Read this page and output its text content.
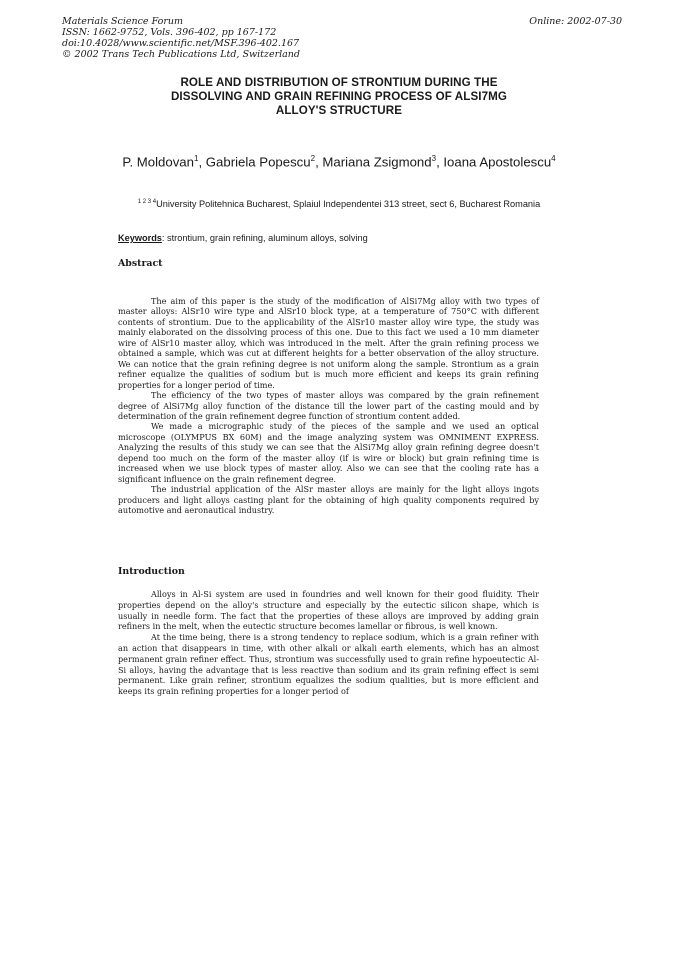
Materials Science Forum
ISSN: 1662-9752, Vols. 396-402, pp 167-172
doi:10.4028/www.scientific.net/MSF.396-402.167
© 2002 Trans Tech Publications Ltd, Switzerland
Online: 2002-07-30
ROLE AND DISTRIBUTION OF STRONTIUM DURING THE
DISSOLVING AND GRAIN REFINING PROCESS OF ALSI7MG
ALLOY'S STRUCTURE
P. Moldovan$^1$, Gabriela Popescu$^2$, Mariana Zsigmond$^3$, Ioana Apostolescu$^4$
$^{1 2 3 4}$University Politehnica Bucharest, Splaiul Independentei 313 street, sect 6, Bucharest Romania
Keywords: strontium, grain refining, aluminum alloys, solving
Abstract

The aim of this paper is the study of the modification of AlSi7Mg alloy with two types of master alloys: AlSr10 wire type and AlSr10 block type, at a temperature of 750°C with different contents of strontium. Due to the applicability of the AlSr10 master alloy wire type, the study was mainly elaborated on the dissolving process of this one. Due to this fact we used a 10 mm diameter wire of AlSr10 master alloy, which was introduced in the melt. After the grain refining process we obtained a sample, which was cut at different heights for a better observation of the alloy structure. We can notice that the grain refining degree is not uniform along the sample. Strontium as a grain refiner equalize the qualities of sodium but is much more efficient and keeps its grain refining properties for a longer period of time.

The efficiency of the two types of master alloys was compared by the grain refinement degree of AlSi7Mg alloy function of the distance till the lower part of the casting mould and by determination of the grain refinement degree function of strontium content added.

We made a micrographic study of the pieces of the sample and we used an optical microscope (OLYMPUS BX 60M) and the image analyzing system was OMNIMENT EXPRESS. Analyzing the results of this study we can see that the AlSi7Mg alloy grain refining degree doesn't depend too much on the form of the master alloy (if is wire or block) but grain refining time is increased when we use block types of master alloy. Also we can see that the cooling rate has a significant influence on the grain refinement degree.

The industrial application of the AlSr master alloys are mainly for the light alloys ingots producers and light alloys casting plant for the obtaining of high quality components required by automotive and aeronautical industry.

Introduction

Alloys in Al-Si system are used in foundries and well known for their good fluidity. Their properties depend on the alloy's structure and especially by the eutectic silicon shape, which is usually in needle form. The fact that the properties of these alloys are improved by adding grain refiners in the melt, when the eutectic structure becomes lamellar or fibrous, is well known.

At the time being, there is a strong tendency to replace sodium, which is a grain refiner with an action that disappears in time, with other alkali or alkali earth elements, which has an almost permanent grain refiner effect. Thus, strontium was successfully used to grain refine hypoeutectic Al-Si alloys, having the advantage that is less reactive than sodium and its grain refining effect is semi permanent. Like grain refiner, strontium equalizes the sodium qualities, but is more efficient and keeps its grain refining properties for a longer period of
